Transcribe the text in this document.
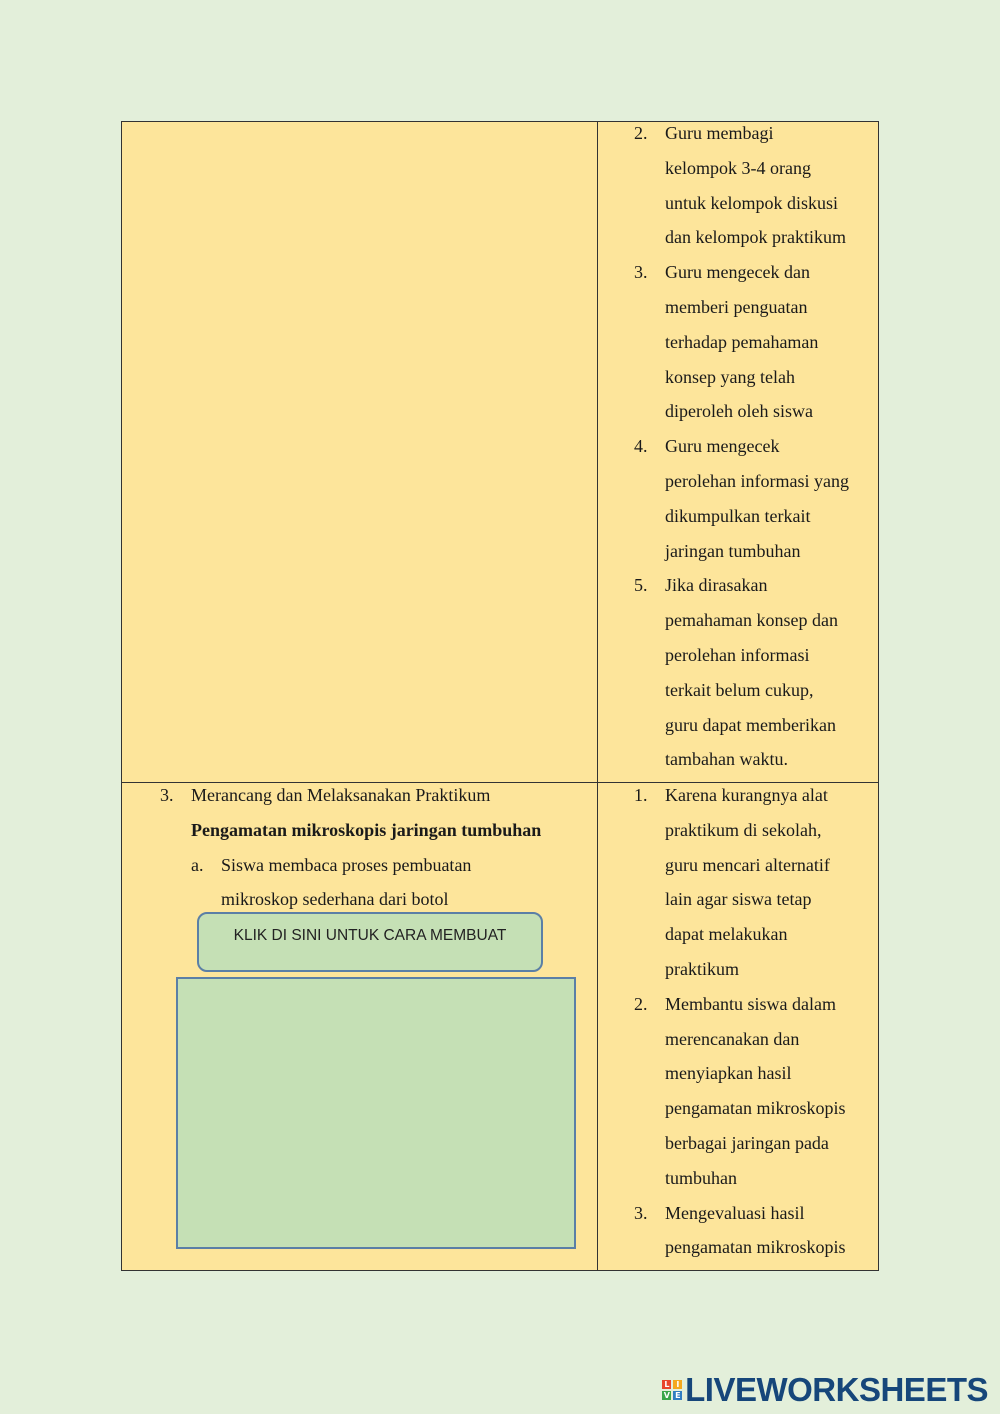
2. Guru membagi
kelompok 3-4 orang
untuk kelompok diskusi
dan kelompok praktikum
3. Guru mengecek dan
memberi penguatan
terhadap pemahaman
konsep yang telah
diperoleh oleh siswa
4. Guru mengecek
perolehan informasi yang
dikumpulkan terkait
jaringan tumbuhan
5. Jika dirasakan
pemahaman konsep dan
perolehan informasi
terkait belum cukup,
guru dapat memberikan
tambahan waktu.
3. Merancang dan Melaksanakan Praktikum
Pengamatan mikroskopis jaringan tumbuhan
a. Siswa membaca proses pembuatan
mikroskop sederhana dari botol
1. Karena kurangnya alat
praktikum di sekolah,
guru mencari alternatif
lain agar siswa tetap
dapat melakukan
praktikum
2. Membantu siswa dalam
merencanakan dan
menyiapkan hasil
pengamatan mikroskopis
berbagai jaringan pada
tumbuhan
3. Mengevaluasi hasil
pengamatan mikroskopis
KLIK DI SINI UNTUK CARA MEMBUAT
L I
V E LIVEWORKSHEETS
